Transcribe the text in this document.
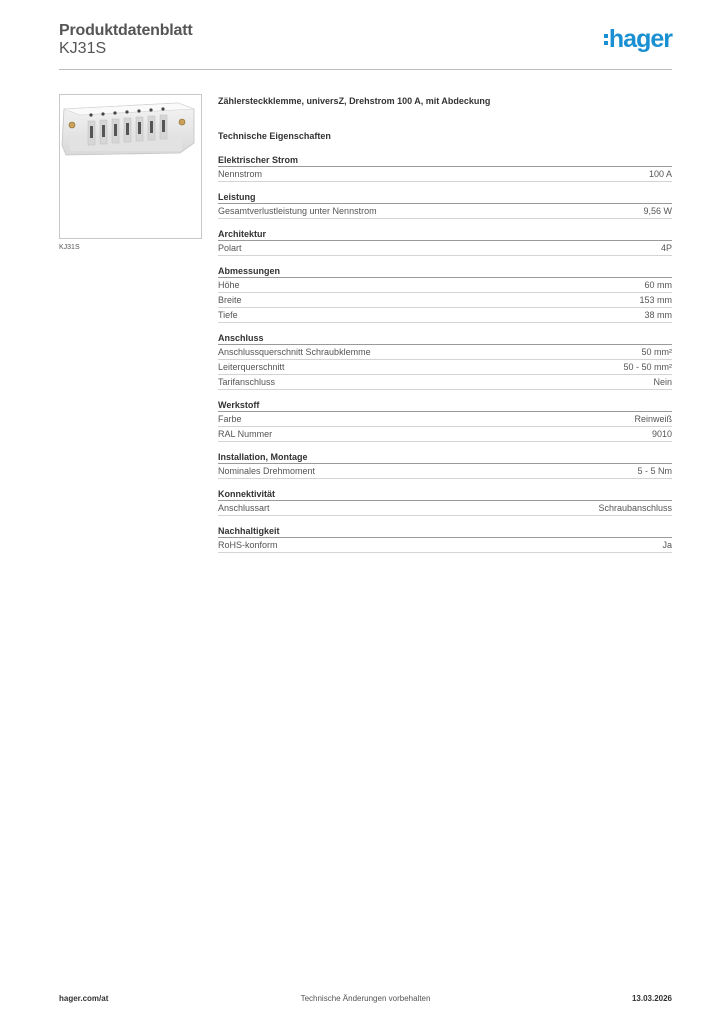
Produktdatenblatt
KJ31S	hager
KJ31S
Zählersteckklemme, universZ, Drehstrom 100 A, mit Abdeckung
Technische Eigenschaften
Elektrischer Strom
Nennstrom	100 A
Leistung
Gesamtverlustleistung unter Nennstrom	9,56 W
Architektur
Polart	4P
Abmessungen
Höhe	60 mm
Breite	153 mm
Tiefe	38 mm
Anschluss
Anschlussquerschnitt Schraubklemme	50 mm²
Leiterquerschnitt	50 - 50 mm²
Tarifanschluss	Nein
Werkstoff
Farbe	Reinweiß
RAL Nummer	9010
Installation, Montage
Nominales Drehmoment	5 - 5 Nm
Konnektivität
Anschlussart	Schraubanschluss
Nachhaltigkeit
RoHS-konform	Ja
hager.com/at	Technische Änderungen vorbehalten	13.03.2026
